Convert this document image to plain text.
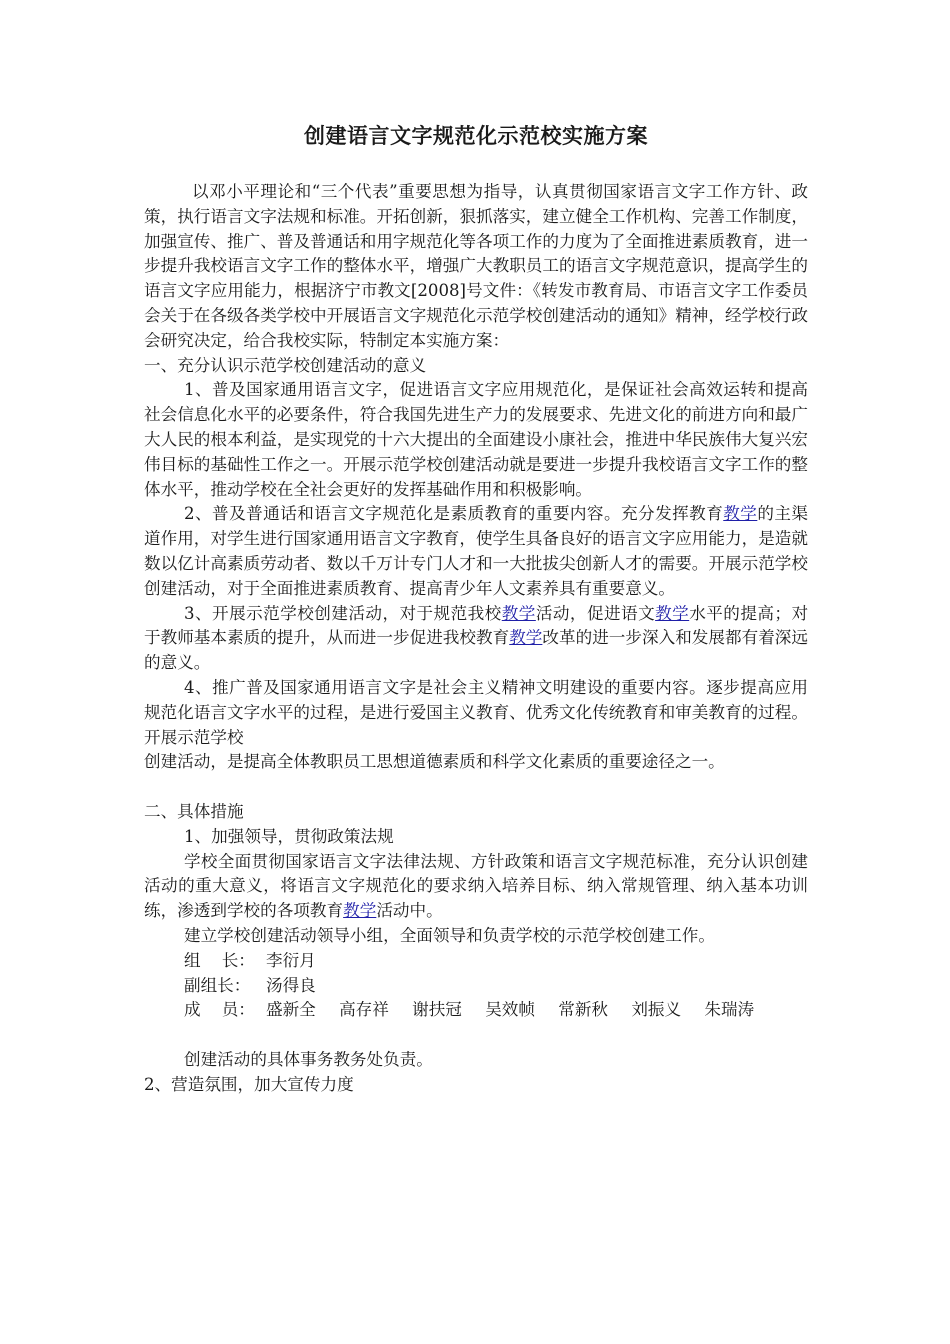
创建语言文字规范化示范校实施方案

以邓小平理论和“三个代表”重要思想为指导，认真贯彻国家语言文字工作方针、政策，执行语言文字法规和标准。开拓创新，狠抓落实，建立健全工作机构、完善工作制度，加强宣传、推广、普及普通话和用字规范化等各项工作的力度为了全面推进素质教育，进一步提升我校语言文字工作的整体水平，增强广大教职员工的语言文字规范意识，提高学生的语言文字应用能力，根据济宁市教文[2008]号文件：《转发市教育局、市语言文字工作委员会关于在各级各类学校中开展语言文字规范化示范学校创建活动的通知》精神，经学校行政会研究决定，给合我校实际，特制定本实施方案：

一、充分认识示范学校创建活动的意义

1、普及国家通用语言文字，促进语言文字应用规范化，是保证社会高效运转和提高社会信息化水平的必要条件，符合我国先进生产力的发展要求、先进文化的前进方向和最广大人民的根本利益，是实现党的十六大提出的全面建设小康社会，推进中华民族伟大复兴宏伟目标的基础性工作之一。开展示范学校创建活动就是要进一步提升我校语言文字工作的整体水平，推动学校在全社会更好的发挥基础作用和积极影响。

2、普及普通话和语言文字规范化是素质教育的重要内容。充分发挥教育教学的主渠道作用，对学生进行国家通用语言文字教育，使学生具备良好的语言文字应用能力，是造就数以亿计高素质劳动者、数以千万计专门人才和一大批拔尖创新人才的需要。开展示范学校创建活动，对于全面推进素质教育、提高青少年人文素养具有重要意义。

3、开展示范学校创建活动，对于规范我校教学活动，促进语文教学水平的提高；对于教师基本素质的提升，从而进一步促进我校教育教学改革的进一步深入和发展都有着深远的意义。

4、推广普及国家通用语言文字是社会主义精神文明建设的重要内容。逐步提高应用规范化语言文字水平的过程，是进行爱国主义教育、优秀文化传统教育和审美教育的过程。开展示范学校

创建活动，是提高全体教职员工思想道德素质和科学文化素质的重要途径之一。

二、具体措施

1、加强领导，贯彻政策法规

学校全面贯彻国家语言文字法律法规、方针政策和语言文字规范标准，充分认识创建活动的重大意义，将语言文字规范化的要求纳入培养目标、纳入常规管理、纳入基本功训练，渗透到学校的各项教育教学活动中。

建立学校创建活动领导小组，全面领导和负责学校的示范学校创建工作。

组    长： 李衍月
副组长： 汤得良
成    员： 盛新全 高存祥 谢扶冠 吴效帧 常新秋 刘振义 朱瑞涛

创建活动的具体事务教务处负责。

2、营造氛围，加大宣传力度
